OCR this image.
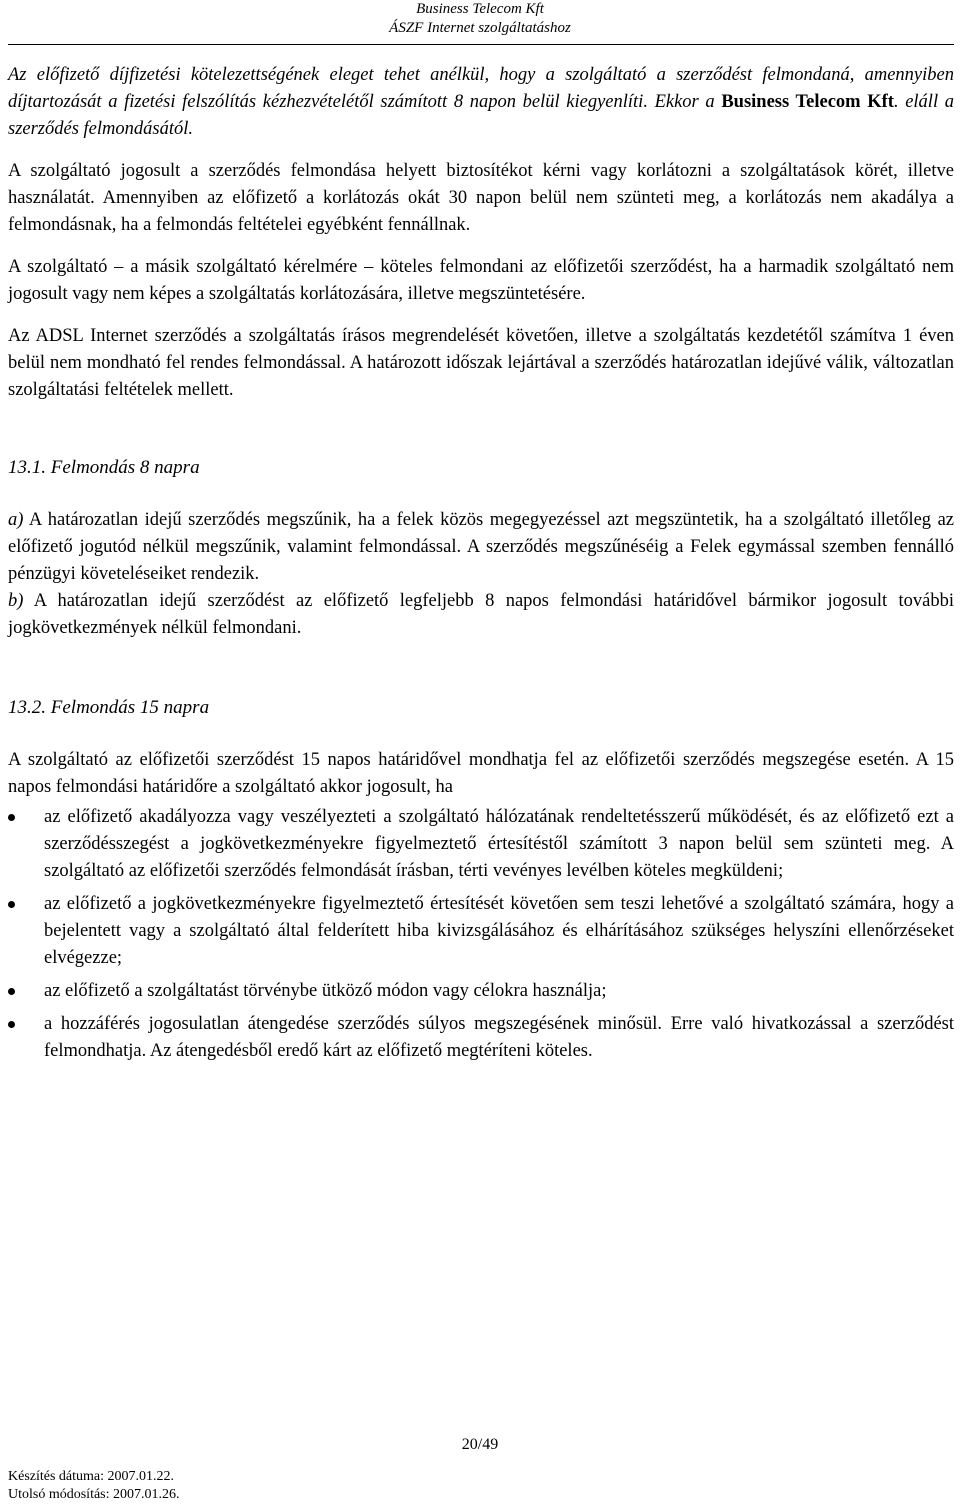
Business Telecom Kft
ÁSZF Internet szolgáltatáshoz

Az előfizető díjfizetési kötelezettségének eleget tehet anélkül, hogy a szolgáltató a szerződést felmondaná, amennyiben díjtartozását a fizetési felszólítás kézhezvételétől számított 8 napon belül kiegyenlíti. Ekkor a Business Telecom Kft. eláll a szerződés felmondásától.

A szolgáltató jogosult a szerződés felmondása helyett biztosítékot kérni vagy korlátozni a szolgáltatások körét, illetve használatát. Amennyiben az előfizető a korlátozás okát 30 napon belül nem szünteti meg, a korlátozás nem akadálya a felmondásnak, ha a felmondás feltételei egyébként fennállnak.

A szolgáltató – a másik szolgáltató kérelmére – köteles felmondani az előfizetői szerződést, ha a harmadik szolgáltató nem jogosult vagy nem képes a szolgáltatás korlátozására, illetve megszüntetésére.

Az ADSL Internet szerződés a szolgáltatás írásos megrendelését követően, illetve a szolgáltatás kezdetétől számítva 1 éven belül nem mondható fel rendes felmondással. A határozott időszak lejártával a szerződés határozatlan idejűvé válik, változatlan szolgáltatási feltételek mellett.

13.1. Felmondás 8 napra

a) A határozatlan idejű szerződés megszűnik, ha a felek közös megegyezéssel azt megszüntetik, ha a szolgáltató illetőleg az előfizető jogutód nélkül megszűnik, valamint felmondással. A szerződés megszűnéséig a Felek egymással szemben fennálló pénzügyi követeléseiket rendezik.

b) A határozatlan idejű szerződést az előfizető legfeljebb 8 napos felmondási határidővel bármikor jogosult további jogkövetkezmények nélkül felmondani.

13.2. Felmondás 15 napra

A szolgáltató az előfizetői szerződést 15 napos határidővel mondhatja fel az előfizetői szerződés megszegése esetén. A 15 napos felmondási határidőre a szolgáltató akkor jogosult, ha

az előfizető akadályozza vagy veszélyezteti a szolgáltató hálózatának rendeltetésszerű működését, és az előfizető ezt a szerződésszegést a jogkövetkezményekre figyelmeztető értesítéstől számított 3 napon belül sem szünteti meg. A szolgáltató az előfizetői szerződés felmondását írásban, térti vevényes levélben köteles megküldeni;
az előfizető a jogkövetkezményekre figyelmeztető értesítését követően sem teszi lehetővé a szolgáltató számára, hogy a bejelentett vagy a szolgáltató által felderített hiba kivizsgálásához és elhárításához szükséges helyszíni ellenőrzéseket elvégezze;
az előfizető a szolgáltatást törvénybe ütköző módon vagy célokra használja;
a hozzáférés jogosulatlan átengedése szerződés súlyos megszegésének minősül. Erre való hivatkozással a szerződést felmondhatja. Az átengedésből eredő kárt az előfizető megtéríteni köteles.
20/49
Készítés dátuma: 2007.01.22.
Utolsó módosítás: 2007.01.26.
